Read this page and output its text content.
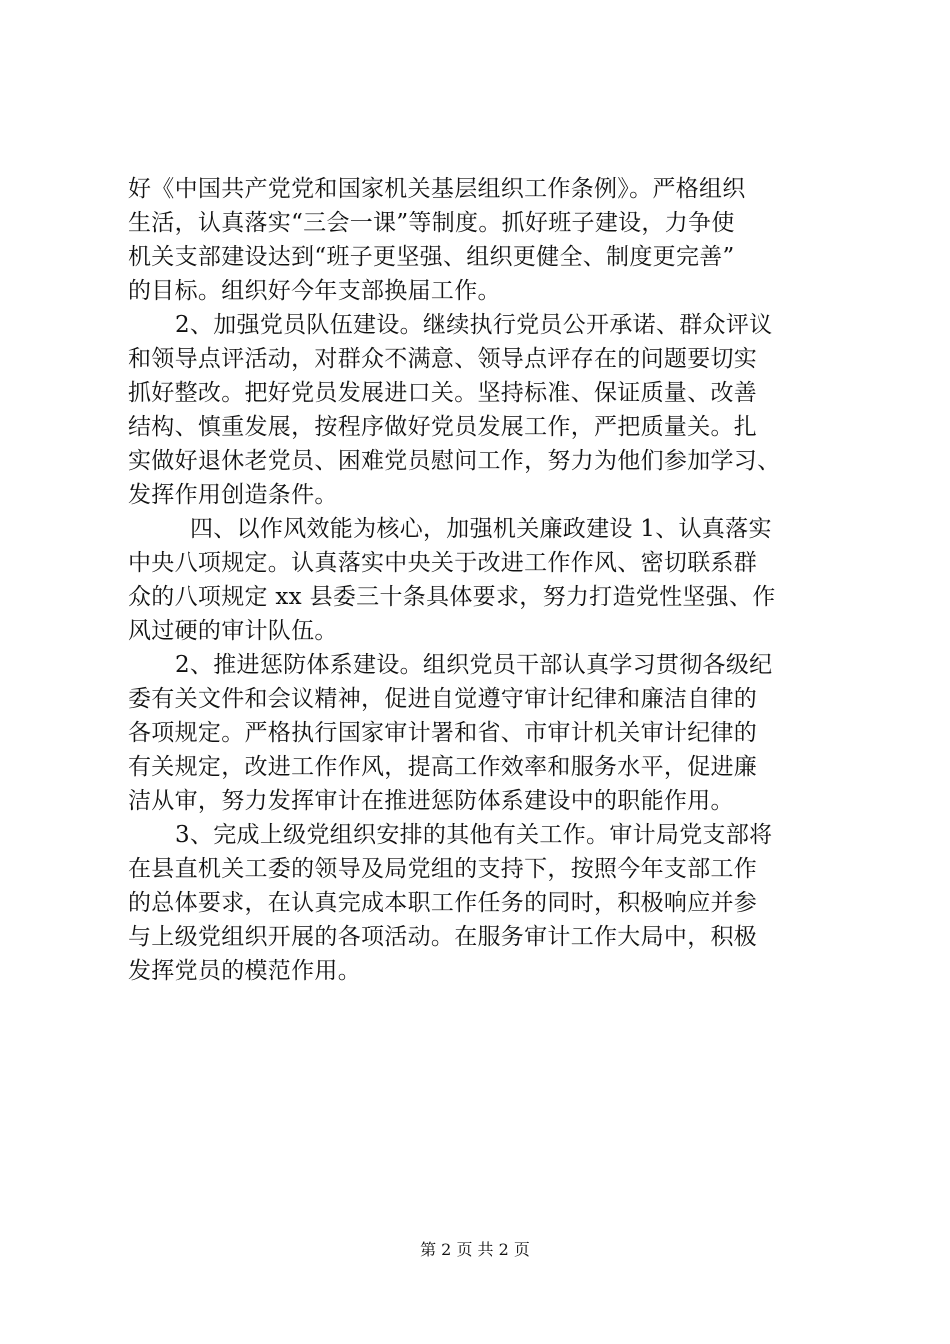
好《中国共产党党和国家机关基层组织工作条例》。严格组织
生活，认真落实“三会一课”等制度。抓好班子建设，力争使
机关支部建设达到“班子更坚强、组织更健全、制度更完善”
的目标。组织好今年支部换届工作。
2、加强党员队伍建设。继续执行党员公开承诺、群众评议
和领导点评活动，对群众不满意、领导点评存在的问题要切实
抓好整改。把好党员发展进口关。坚持标准、保证质量、改善
结构、慎重发展，按程序做好党员发展工作，严把质量关。扎
实做好退休老党员、困难党员慰问工作，努力为他们参加学习、
发挥作用创造条件。
四、以作风效能为核心，加强机关廉政建设 1、认真落实
中央八项规定。认真落实中央关于改进工作作风、密切联系群
众的八项规定 xx 县委三十条具体要求，努力打造党性坚强、作
风过硬的审计队伍。
2、推进惩防体系建设。组织党员干部认真学习贯彻各级纪
委有关文件和会议精神，促进自觉遵守审计纪律和廉洁自律的
各项规定。严格执行国家审计署和省、市审计机关审计纪律的
有关规定，改进工作作风，提高工作效率和服务水平，促进廉
洁从审，努力发挥审计在推进惩防体系建设中的职能作用。
3、完成上级党组织安排的其他有关工作。审计局党支部将
在县直机关工委的领导及局党组的支持下，按照今年支部工作
的总体要求，在认真完成本职工作任务的同时，积极响应并参
与上级党组织开展的各项活动。在服务审计工作大局中，积极
发挥党员的模范作用。
第 2 页 共 2 页
